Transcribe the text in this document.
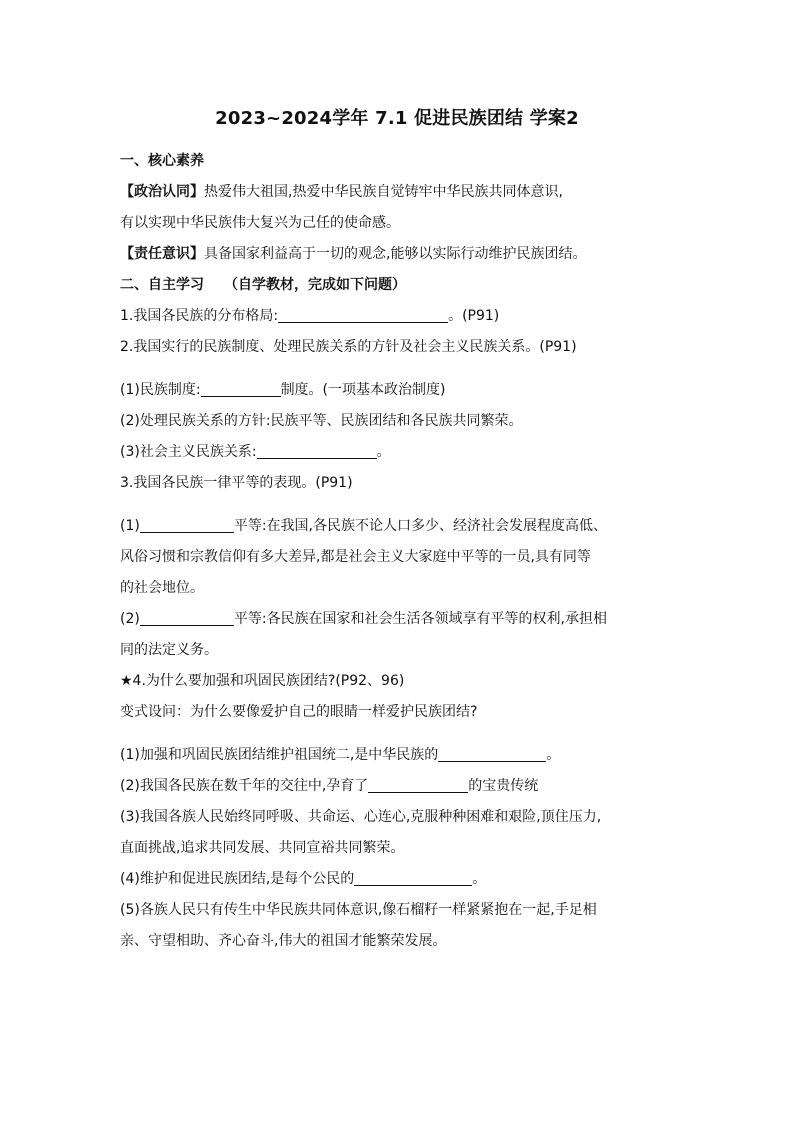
2023~2024学年 7.1 促进民族团结 学案2
一、核心素养
【政治认同】热爱伟大祖国,热爱中华民族自觉铸牢中华民族共同体意识,
有以实现中华民族伟大复兴为己任的使命感。
【责任意识】具备国家利益高于一切的观念,能够以实际行动维护民族团结。
二、自主学习 （自学教材，完成如下问题）
1.我国各民族的分布格局:	。(P91)
2.我国实行的民族制度、处理民族关系的方针及社会主义民族关系。(P91)
(1)民族制度:	制度。(一项基本政治制度)
(2)处理民族关系的方针:民族平等、民族团结和各民族共同繁荣。
(3)社会主义民族关系:	。
3.我国各民族一律平等的表现。(P91)
(1)	平等:在我国,各民族不论人口多少、经济社会发展程度高低、
风俗习惯和宗教信仰有多大差异,都是社会主义大家庭中平等的一员,具有同等
的社会地位。
(2)	平等:各民族在国家和社会生活各领域享有平等的权利,承担相
同的法定义务。
★4.为什么要加强和巩固民族团结?(P92、96)
变式设问：为什么要像爱护自己的眼睛一样爱护民族团结?
(1)加强和巩固民族团结维护祖国统二,是中华民族的	。
(2)我国各民族在数千年的交往中,孕育了	的宝贵传统
(3)我国各族人民始终同呼吸、共命运、心连心,克服种种困难和艰险,顶住压力,
直面挑战,追求共同发展、共同宣裕共同繁荣。
(4)维护和促进民族团结,是每个公民的	。
(5)各族人民只有传生中华民族共同体意识,像石榴籽一样紧紧抱在一起,手足相
亲、守望相助、齐心奋斗,伟大的祖国才能繁荣发展。
